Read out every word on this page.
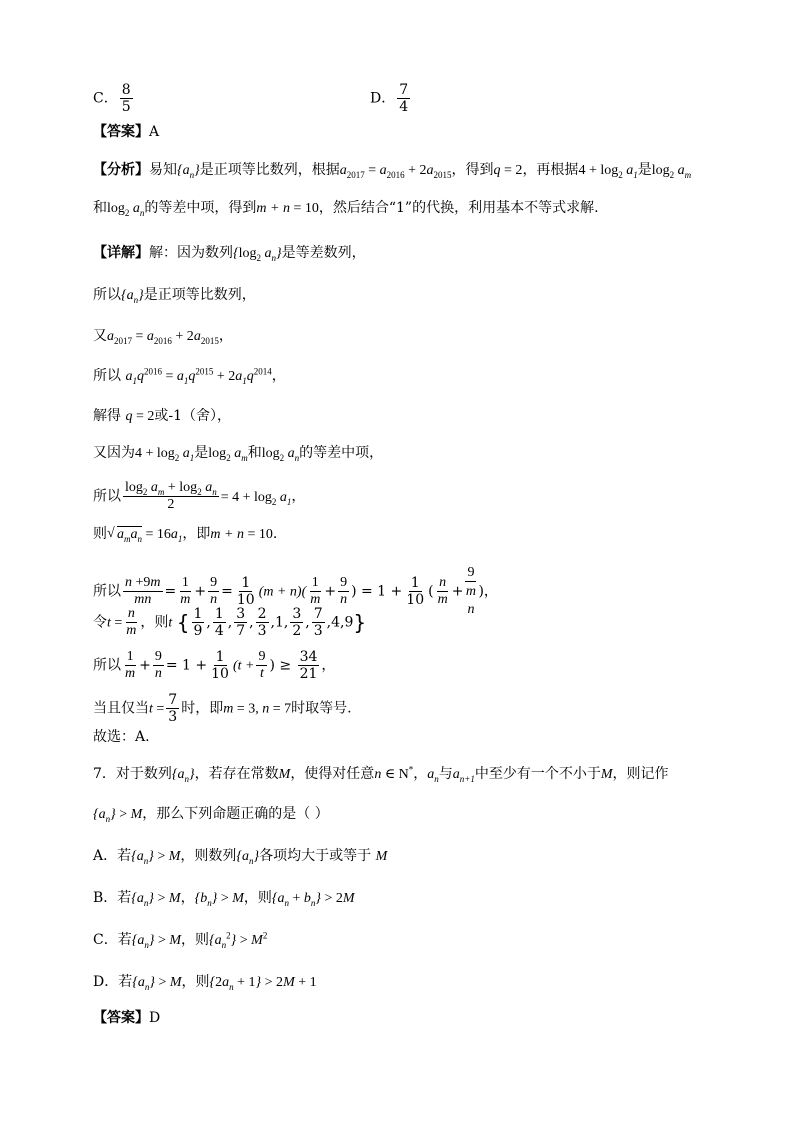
C． $\frac{8}{5}$	D． $\frac{7}{4}$
【答案】A
【分析】易知$\{a_n\}$是正项等比数列，根据$a_{2017} = a_{2016} + 2a_{2015}$，得到q = 2，再根据$4 + \log_2 a_1$是$\log_2 a_m$
和$\log_2 a_n$的等差中项，得到m + n = 10，然后结合“1”的代换，利用基本不等式求解.
【详解】解：因为数列{$\log_2$ $a_n$}是等差数列，
所以$\{a_n\}$是正项等比数列，
又$a_{2017} = a_{2016} + 2a_{2015}$，
所以 $a_1q^{2016} = a_1q^{2015} + 2a_1q^{2014}$，
解得 q = 2或-1（舍），
又因为$4 + \log_2 a_1$是$\log_2 a_m$和$\log_2 a_n$的等差中项，
所以 $\frac{\log_2 a_m + \log_2 a_n}{2} = 4 + \log_2 a_1$，
则√ $a_ma_n = 16a_1$，即m + n = 10.
所以 $\frac{n +9m}{mn} = \frac{1}{m} + \frac{9}{n} = \frac{1}{10} (m + n)( \frac{1}{m} + \frac{9}{n}$ ) = $1 + \frac{1}{10}$ ( $\frac{n}{m}$ +
9
m
n
)，
令$t = \frac{n}{m}$ ，则t { $\frac{1}{9}$ , $\frac{1}{4}$ , $\frac{3}{7}$ , $\frac{2}{3} ,1$, $\frac{3}{2}$ , $\frac{7}{3} ,4,9$}
所以 $\frac{1}{m} + \frac{9}{n} = 1 + \frac{1}{10} (t + \frac{9}{t}$ ) ≥ $\frac{34}{21}$ ，
当且仅当$t = \frac{7}{3}$ 时，即m = 3, n = 7时取等号.
故选：A.
7．对于数列$\{a_n\}$，若存在常数M，使得对任意n ∈ N*，$a_n$与$a_{n+1}$中至少有一个不小于M，则记作
$\{a_n\} > M$，那么下列命题正确的是（ ）
A．若$\{a_n\} > M$，则数列$\{a_n\}$各项均大于或等于 M
B．若$\{a_n\} > M$，$\{b_n\} > M$，则$\{a_n + b_n\} > 2M$
C．若$\{a_n\} > M$，则$\{a_n^2\} > M^2$
D．若$\{a_n\} > M$，则$\{2a_n + 1\} > 2M + 1$
【答案】D
